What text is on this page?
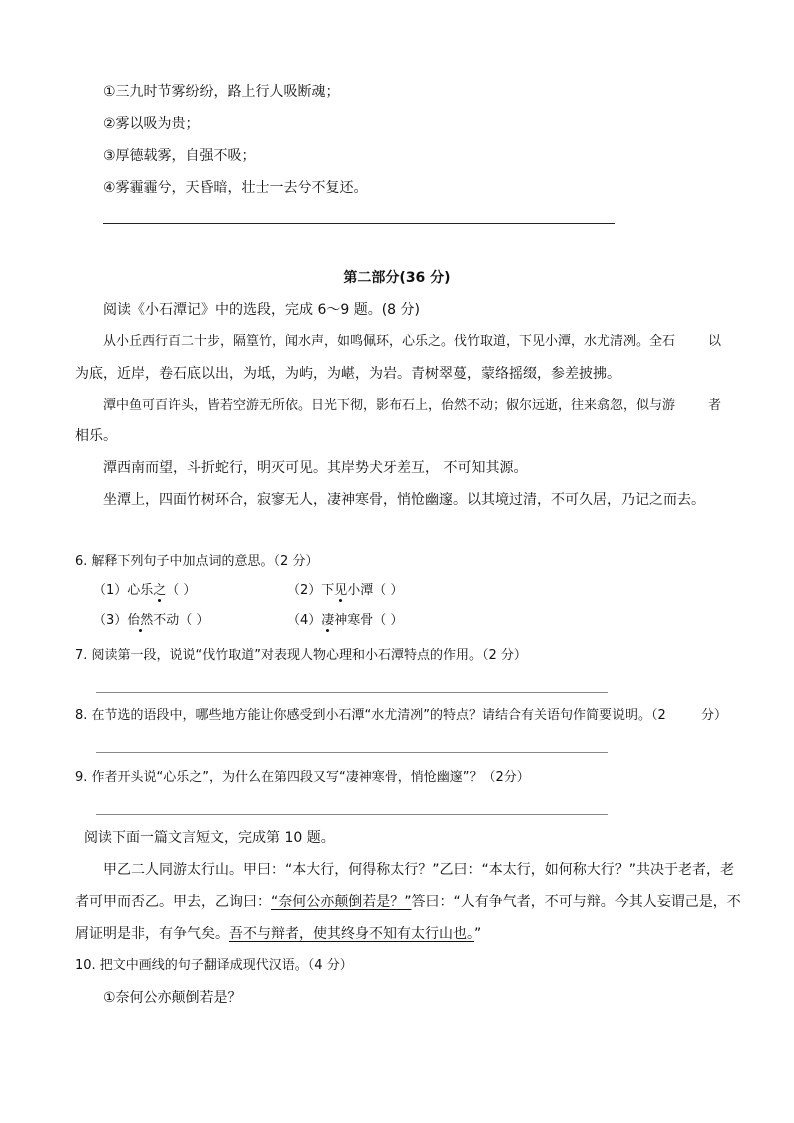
①三九时节雾纷纷，路上行人吸断魂；
②雾以吸为贵；
③厚德载雾，自强不吸；
④雾霾霾兮，天昏暗，壮士一去兮不复还。
第二部分(36 分)
阅读《小石潭记》中的选段，完成 6～9 题。(8 分)
从小丘西行百二十步，隔篁竹，闻水声，如鸣佩环，心乐之。伐竹取道，下见小潭，水尤清冽。全石	以
为底，近岸，卷石底以出，为坻，为屿，为嵁，为岩。青树翠蔓，蒙络摇缀，参差披拂。
潭中鱼可百许头，皆若空游无所依。日光下彻，影布石上，佁然不动；俶尔远逝，往来翕忽，似与游	者
相乐。
潭西南而望，斗折蛇行，明灭可见。其岸势犬牙差互， 不可知其源。
坐潭上，四面竹树环合，寂寥无人，凄神寒骨，悄怆幽邃。以其境过清，不可久居，乃记之而去。
6. 解释下列句子中加点词的意思。（2 分）
（1）心乐之（ ）	（2）下见小潭（ ）
（3）佁然不动（ ）	（4）凄神寒骨（ ）
7. 阅读第一段，说说“伐竹取道”对表现人物心理和小石潭特点的作用。（2 分）
8. 在节选的语段中，哪些地方能让你感受到小石潭“水尤清冽”的特点？请结合有关语句作简要说明。（2	分）
9. 作者开头说“心乐之”，为什么在第四段又写“凄神寒骨，悄怆幽邃”？（2分）
阅读下面一篇文言短文，完成第 10 题。
甲乙二人同游太行山。甲曰：“本大行，何得称太行？”乙曰：“本太行，如何称大行？”共决于老者，老
者可甲而否乙。甲去，乙询曰：“奈何公亦颠倒若是？”答曰：“人有争气者，不可与辩。今其人妄谓己是，不
屑证明是非，有争气矣。吾不与辩者，使其终身不知有太行山也。”
10. 把文中画线的句子翻译成现代汉语。（4 分）
①奈何公亦颠倒若是？
